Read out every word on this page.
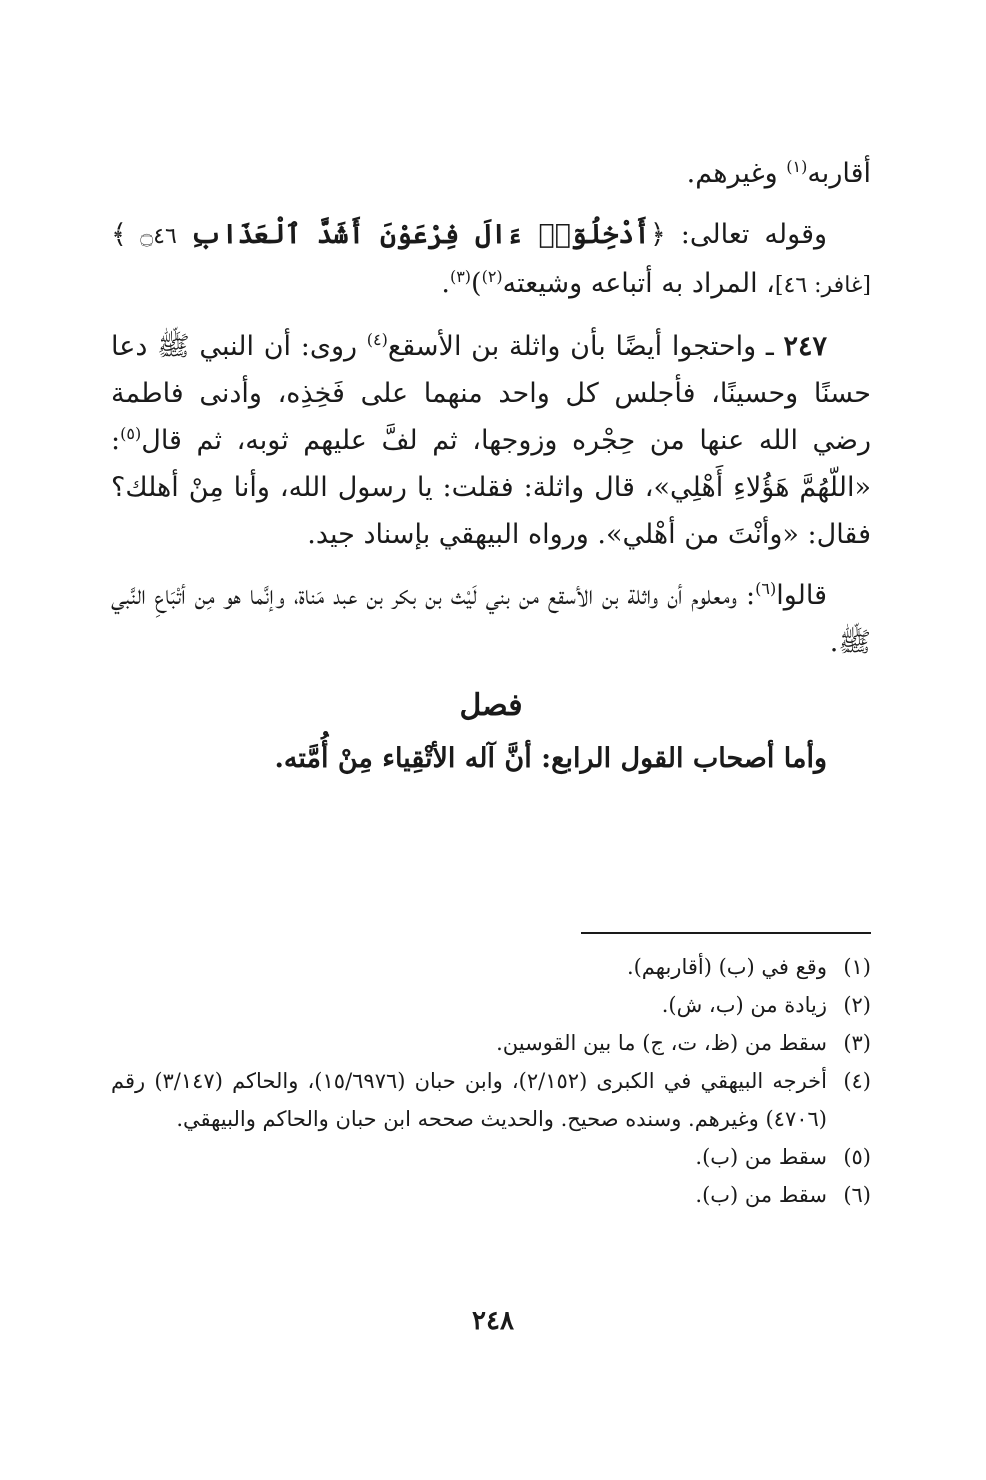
أقاربه$^{(١)}$ وغيرهم.

وقوله تعالى: ﴿أَدْخِلُوٓا۟ ءَالَ فِرْعَوْنَ أَشَدَّ ٱلْعَذَابِ ۝٤٦ ﴾ [غافر: ٤٦]، المراد به أتباعه وشيعته$^{(٢)}$)$^{(٣)}$.

٢٤٧ ـ واحتجوا أيضًا بأن واثلة بن الأسقع$^{(٤)}$ روى: أن النبي ﷺ دعا حسنًا وحسينًا، فأجلس كل واحد منهما على فَخِذِه، وأدنى فاطمة رضي الله عنها من حِجْره وزوجها، ثم لفَّ عليهم ثوبه، ثم قال$^{(٥)}$: «اللّهُمَّ هَؤُلاءِ أَهْلِي»، قال واثلة: فقلت: يا رسول الله، وأنا مِنْ أهلك؟ فقال: «وأنْتَ من أهْلي». ورواه البيهقي بإسناد جيد.

قالوا$^{(٦)}$: ومعلوم أن واثلة بن الأسقع من بني لَيْث بن بكر بن عبد مَناة، وإنَّما هو مِن أتْبَاعِ النَّبي ﷺ.

فصل

وأما أصحاب القول الرابع: أنَّ آله الأتْقِياء مِنْ أُمَّته.

(١)
وقع في (ب) (أقاربهم).
(٢)
زيادة من (ب، ش).
(٣)
سقط من (ظ، ت، ج) ما بين القوسين.
(٤)
أخرجه البيهقي في الكبرى (٢/١٥٢)، وابن حبان (١٥/٦٩٧٦)، والحاكم (٣/١٤٧) رقم (٤٧٠٦) وغيرهم. وسنده صحيح. والحديث صححه ابن حبان والحاكم والبيهقي.
(٥)
سقط من (ب).
(٦)
سقط من (ب).
٢٤٨
